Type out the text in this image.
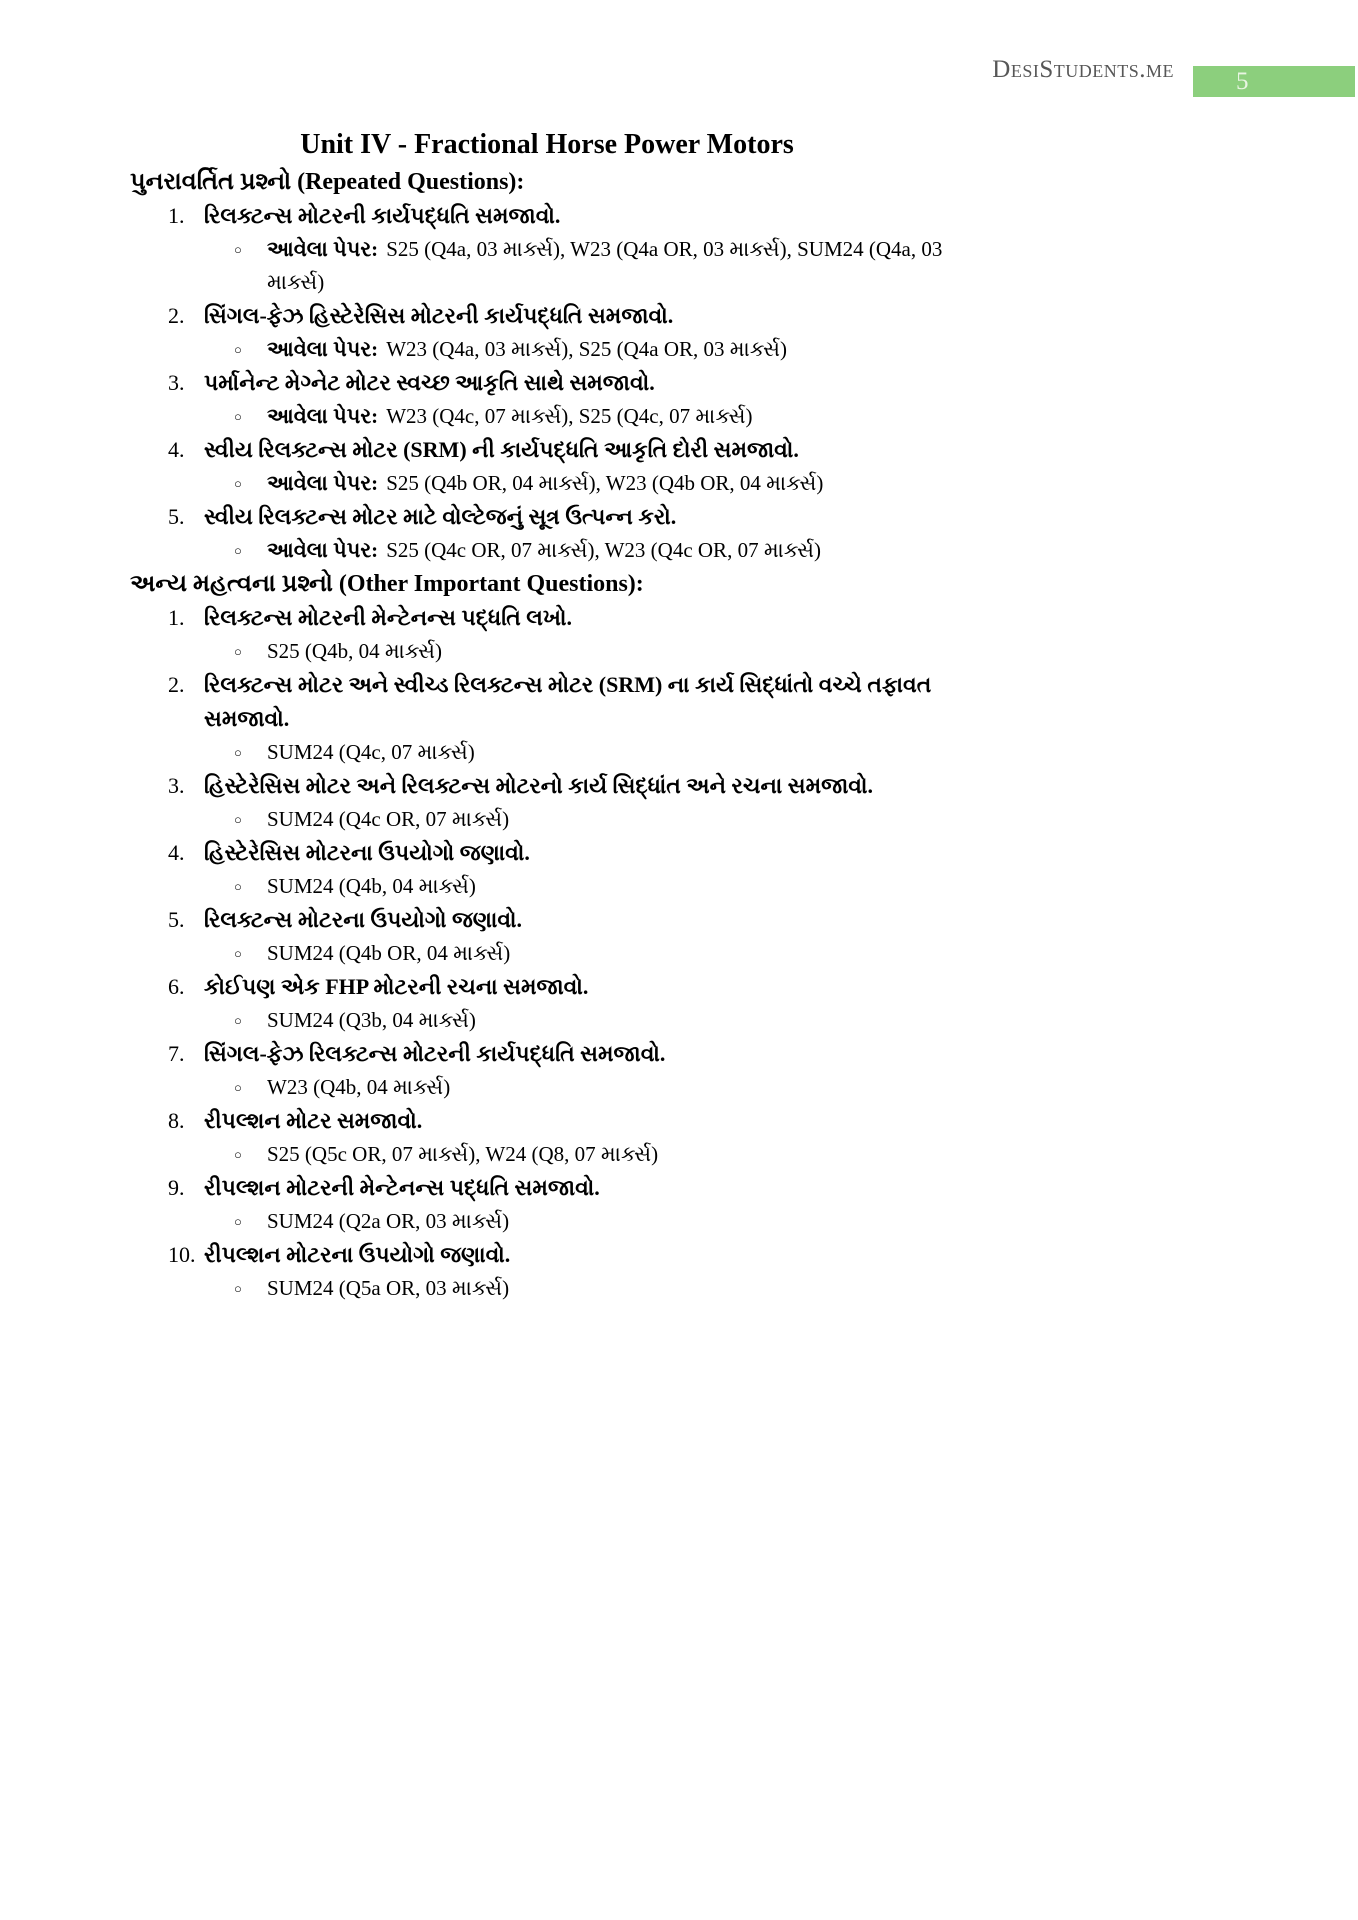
DesiStudents.me 5
Unit IV - Fractional Horse Power Motors
પુનરાવર્તિત પ્રશ્નો (Repeated Questions):
1. રિલક્ટન્સ મોટરની કાર્યપદ્ધતિ સમજાવો.
○	આવેલા પેપર: S25 (Q4a, 03 માર્ક્સ), W23 (Q4a OR, 03 માર્ક્સ), SUM24 (Q4a, 03 માર્ક્સ)
2. સિંગલ-ફેઝ હિસ્ટેરેસિસ મોટરની કાર્યપદ્ધતિ સમજાવો.
○	આવેલા પેપર: W23 (Q4a, 03 માર્ક્સ), S25 (Q4a OR, 03 માર્ક્સ)
3. પર્માનેન્ટ મેગ્નેટ મોટર સ્વચ્છ આકૃતિ સાથે સમજાવો.
○	આવેલા પેપર: W23 (Q4c, 07 માર્ક્સ), S25 (Q4c, 07 માર્ક્સ)
4. સ્વીય રિલક્ટન્સ મોટર (SRM) ની કાર્યપદ્ધતિ આકૃતિ દોરી સમજાવો.
○	આવેલા પેપર: S25 (Q4b OR, 04 માર્ક્સ), W23 (Q4b OR, 04 માર્ક્સ)
5. સ્વીય રિલક્ટન્સ મોટર માટે વોલ્ટેજનું સૂત્ર ઉત્પન્ન કરો.
○	આવેલા પેપર: S25 (Q4c OR, 07 માર્ક્સ), W23 (Q4c OR, 07 માર્ક્સ)
અન્ય મહત્વના પ્રશ્નો (Other Important Questions):
1. રિલક્ટન્સ મોટરની મેન્ટેનન્સ પદ્ધતિ લખો.
○	S25 (Q4b, 04 માર્ક્સ)
2. રિલક્ટન્સ મોટર અને સ્વીચ્ડ રિલક્ટન્સ મોટર (SRM) ના કાર્ય સિદ્ધાંતો વચ્ચે તફાવત સમજાવો.
○	SUM24 (Q4c, 07 માર્ક્સ)
3. હિસ્ટેરેસિસ મોટર અને રિલક્ટન્સ મોટરનો કાર્ય સિદ્ધાંત અને રચના સમજાવો.
○	SUM24 (Q4c OR, 07 માર્ક્સ)
4. હિસ્ટેરેસિસ મોટરના ઉપયોગો જણાવો.
○	SUM24 (Q4b, 04 માર્ક્સ)
5. રિલક્ટન્સ મોટરના ઉપયોગો જણાવો.
○	SUM24 (Q4b OR, 04 માર્ક્સ)
6. કોઈપણ એક FHP મોટરની રચના સમજાવો.
○	SUM24 (Q3b, 04 માર્ક્સ)
7. સિંગલ-ફેઝ રિલક્ટન્સ મોટરની કાર્યપદ્ધતિ સમજાવો.
○	W23 (Q4b, 04 માર્ક્સ)
8. રીપલ્શન મોટર સમજાવો.
○	S25 (Q5c OR, 07 માર્ક્સ), W24 (Q8, 07 માર્ક્સ)
9. રીપલ્શન મોટરની મેન્ટેનન્સ પદ્ધતિ સમજાવો.
○	SUM24 (Q2a OR, 03 માર્ક્સ)
10. રીપલ્શન મોટરના ઉપયોગો જણાવો.
○	SUM24 (Q5a OR, 03 માર્ક્સ)
